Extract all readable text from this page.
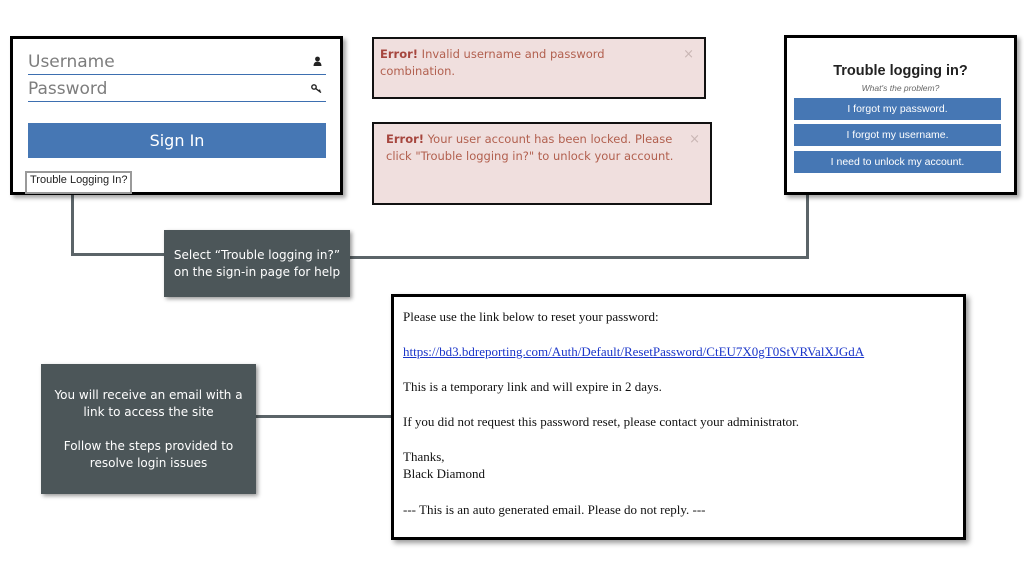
Username
Password
Sign In
Trouble Logging In?
Error! Invalid username and password combination.
×
Error! Your user account has been locked. Please click "Trouble logging in?" to unlock your account.
×
Trouble logging in?
What's the problem?
I forgot my password.
I forgot my username.
I need to unlock my account.
Select “Trouble logging in?”
on the sign-in page for help
You will receive an email with a
link to access the site
Follow the steps provided to
resolve login issues
Please use the link below to reset your password:
https://bd3.bdreporting.com/Auth/Default/ResetPassword/CtEU7X0gT0StVRValXJGdA
This is a temporary link and will expire in 2 days.
If you did not request this password reset, please contact your administrator.
Thanks,
Black Diamond
--- This is an auto generated email. Please do not reply. ---
